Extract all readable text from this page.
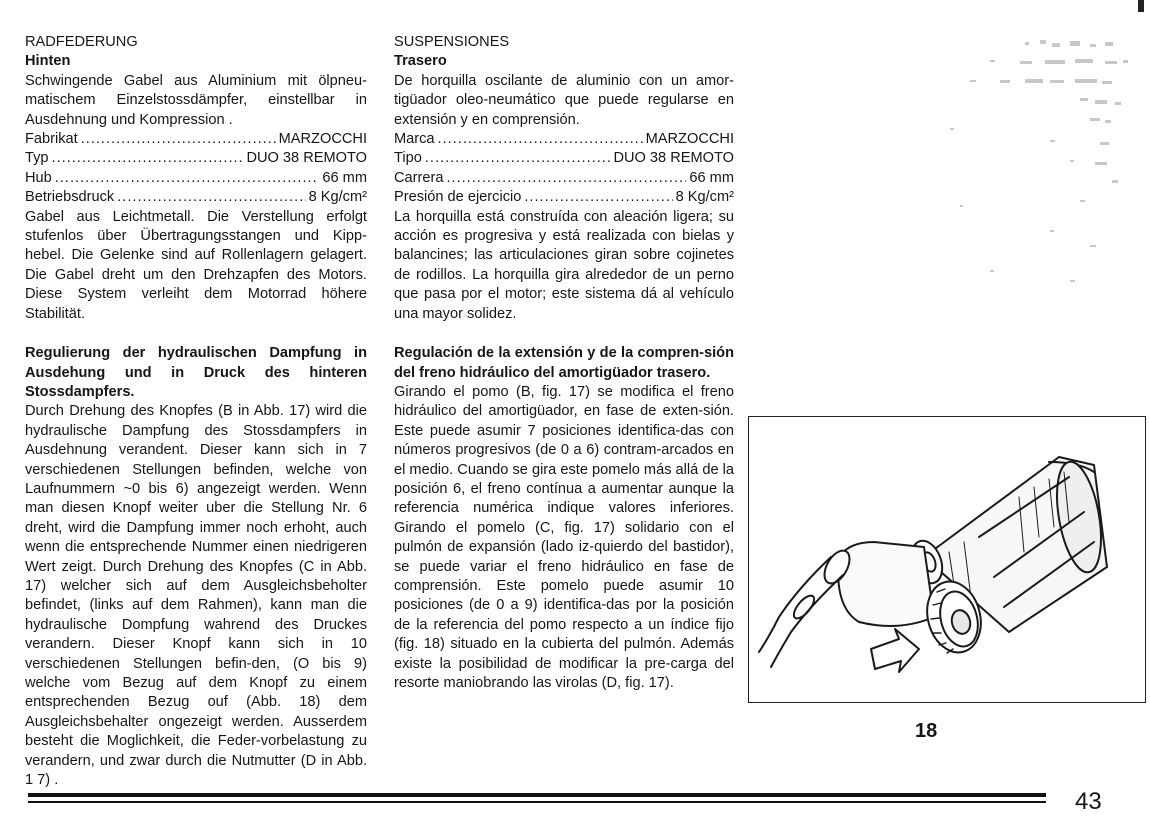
RADFEDERUNG

Hinten

Schwingende Gabel aus Aluminium mit ölpneu-matischem Einzelstossdämpfer, einstellbar in Ausdehnung und Kompression .

Fabrikat .....	MARZOCCHI
Typ .....	DUO 38 REMOTO
Hub .....	66 mm
Betriebsdruck .....	8 Kg/cm²

Gabel aus Leichtmetall. Die Verstellung erfolgt stufenlos über Übertragungsstangen und Kipp-hebel. Die Gelenke sind auf Rollenlagern gelagert. Die Gabel dreht um den Drehzapfen des Motors. Diese System verleiht dem Motorrad höhere Stabilität.

Regulierung der hydraulischen Dampfung in Ausdehung und in Druck des hinteren Stossdampfers.

Durch Drehung des Knopfes (B in Abb. 17) wird die hydraulische Dampfung des Stossdampfers in Ausdehnung verandent. Dieser kann sich in 7 verschiedenen Stellungen befinden, welche von Laufnummern ~0 bis 6) angezeigt werden. Wenn man diesen Knopf weiter uber die Stellung Nr. 6 dreht, wird die Dampfung immer noch erhoht, auch wenn die entsprechende Nummer einen niedrigeren Wert zeigt. Durch Drehung des Knopfes (C in Abb. 17) welcher sich auf dem Ausgleichsbeholter befindet, (links auf dem Rahmen), kann man die hydraulische Dompfung wahrend des Druckes verandern. Dieser Knopf kann sich in 10 verschiedenen Stellungen befin-den, (O bis 9) welche vom Bezug auf dem Knopf zu einem entsprechenden Bezug ouf (Abb. 18) dem Ausgleichsbehalter ongezeigt werden. Ausserdem besteht die Moglichkeit, die Feder-vorbelastung zu verandern, und zwar durch die Nutmutter (D in Abb. 1 7) .

SUSPENSIONES

Trasero

De horquilla oscilante de aluminio con un amor-tigüador oleo-neumático que puede regularse en extensión y en comprensión.

Marca .....	MARZOCCHI
Tipo .....	DUO 38 REMOTO
Carrera .....	66 mm
Presión de ejercicio .....	8 Kg/cm²

La horquilla está construída con aleación ligera; su acción es progresiva y está realizada con bielas y balancines; las articulaciones giran sobre cojinetes de rodillos. La horquilla gira alrededor de un perno que pasa por el motor; este sistema dá al vehículo una mayor solidez.

Regulación de la extensión y de la compren-sión del freno hidráulico del amortigüador trasero.

Girando el pomo (B, fig. 17) se modifica el freno hidráulico del amortigüador, en fase de exten-sión. Este puede asumir 7 posiciones identifica-das con números progresivos (de 0 a 6) contram-arcados en el medio. Cuando se gira este pomelo más allá de la posición 6, el freno contínua a aumentar aunque la referencia numérica indique valores inferiores. Girando el pomelo (C, fig. 17) solidario con el pulmón de expansión (lado iz-quierdo del bastidor), se puede variar el freno hidráulico en fase de comprensión. Este pomelo puede asumir 10 posiciones (de 0 a 9) identifica-das por la posición de la referencia del pomo respecto a un índice fijo (fig. 18) situado en la cubierta del pulmón. Además existe la posibilidad de modificar la pre-carga del resorte maniobrando las virolas (D, fig. 17).

18
43
